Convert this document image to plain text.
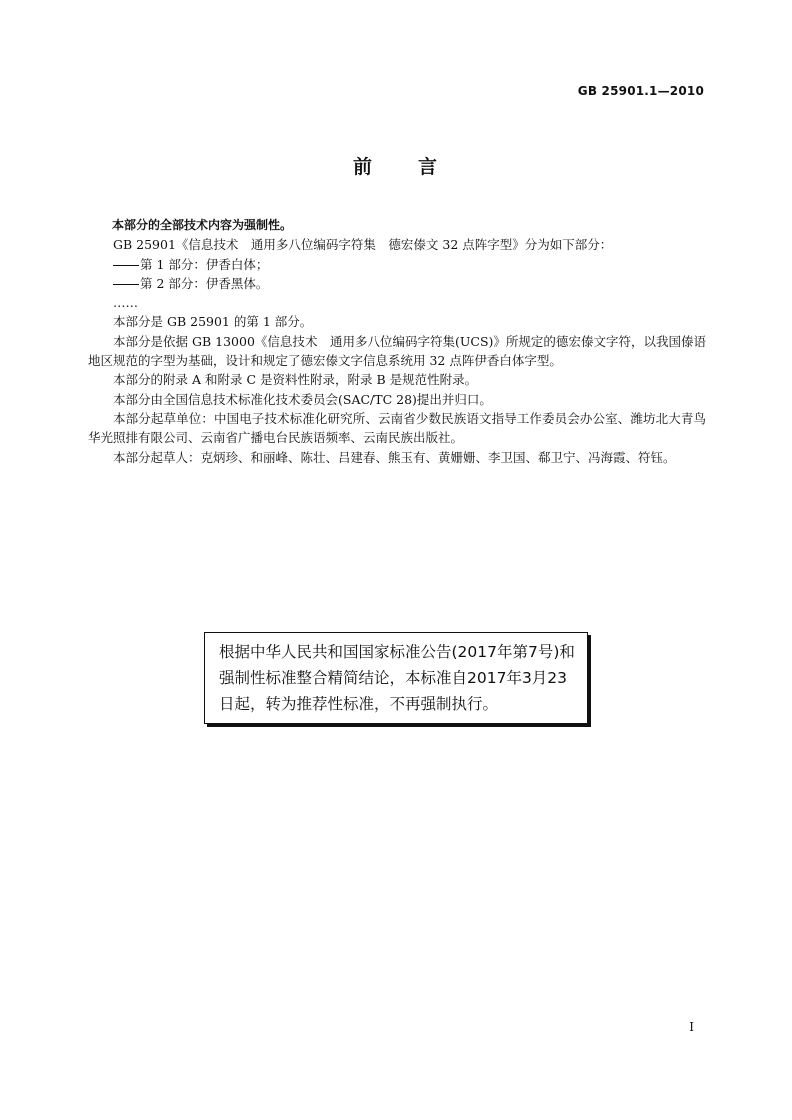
GB 25901.1—2010
前 言

本部分的全部技术内容为强制性。

GB 25901《信息技术　通用多八位编码字符集　德宏傣文 32 点阵字型》分为如下部分：

第 1 部分：伊香白体；

第 2 部分：伊香黑体。

……

本部分是 GB 25901 的第 1 部分。

本部分是依据 GB 13000《信息技术　通用多八位编码字符集(UCS)》所规定的德宏傣文字符，以我国傣语地区规范的字型为基础，设计和规定了德宏傣文字信息系统用 32 点阵伊香白体字型。

本部分的附录 A 和附录 C 是资料性附录，附录 B 是规范性附录。

本部分由全国信息技术标准化技术委员会(SAC/TC 28)提出并归口。

本部分起草单位：中国电子技术标准化研究所、云南省少数民族语文指导工作委员会办公室、潍坊北大青鸟华光照排有限公司、云南省广播电台民族语频率、云南民族出版社。

本部分起草人：克炳珍、和丽峰、陈壮、吕建春、熊玉有、黄姗姗、李卫国、郗卫宁、冯海霞、符钰。

根据中华人民共和国国家标准公告(2017年第7号)和强制性标准整合精简结论，本标准自2017年3月23日起，转为推荐性标准，不再强制执行。
I
